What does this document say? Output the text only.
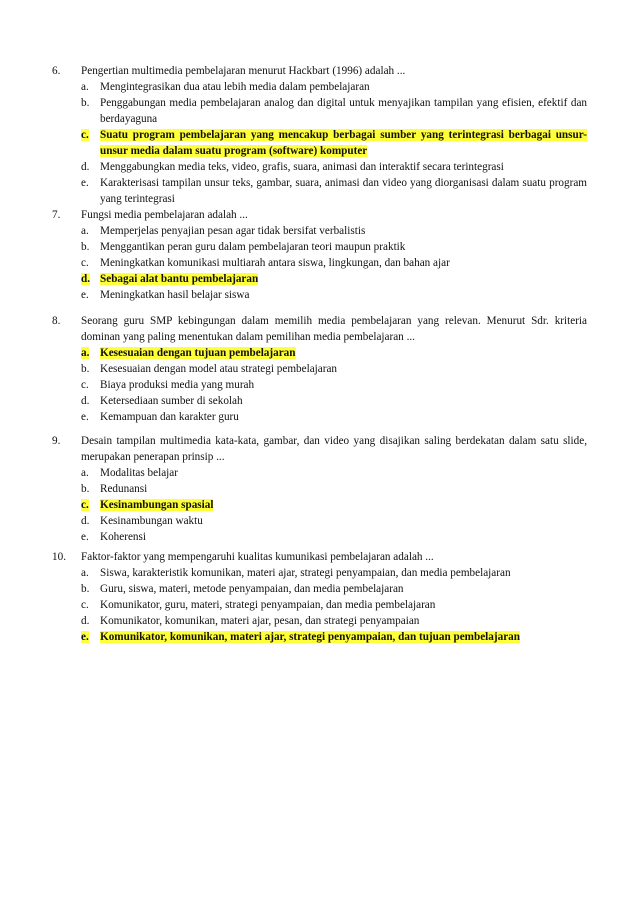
6.	Pengertian multimedia pembelajaran menurut Hackbart (1996) adalah ...
a.	Mengintegrasikan dua atau lebih media dalam pembelajaran
b. Penggabungan media pembelajaran analog dan digital untuk menyajikan tampilan yang efisien, efektif dan berdayaguna
c.	Suatu program pembelajaran yang mencakup berbagai sumber yang terintegrasi berbagai unsur-unsur media dalam suatu program (software) komputer
d. Menggabungkan media teks, video, grafis, suara, animasi dan interaktif secara terintegrasi
e.	Karakterisasi tampilan unsur teks, gambar, suara, animasi dan video yang diorganisasi dalam suatu program yang terintegrasi
7.	Fungsi media pembelajaran adalah ...
a.	Memperjelas penyajian pesan agar tidak bersifat verbalistis
b. Menggantikan peran guru dalam pembelajaran teori maupun praktik
c.	Meningkatkan komunikasi multiarah antara siswa, lingkungan, dan bahan ajar
d. Sebagai alat bantu pembelajaran
e.	Meningkatkan hasil belajar siswa
8.	Seorang guru SMP kebingungan dalam memilih media pembelajaran yang relevan. Menurut Sdr. kriteria dominan yang paling menentukan dalam pemilihan media pembelajaran ...
a. Kesesuaian dengan tujuan pembelajaran
b. Kesesuaian dengan model atau strategi pembelajaran
c.	Biaya produksi media yang murah
d. Ketersediaan sumber di sekolah
e.	Kemampuan dan karakter guru
9.	Desain tampilan multimedia kata-kata, gambar, dan video yang disajikan saling berdekatan dalam satu slide, merupakan penerapan prinsip ...
a.	Modalitas belajar
b. Redunansi
c.	Kesinambungan spasial
d. Kesinambungan waktu
e.	Koherensi
10.	Faktor-faktor yang mempengaruhi kualitas kumunikasi pembelajaran adalah ...
a.	Siswa, karakteristik komunikan, materi ajar, strategi penyampaian, dan media pembelajaran
b. Guru, siswa, materi, metode penyampaian, dan media pembelajaran
c.	Komunikator, guru, materi, strategi penyampaian, dan media pembelajaran
d. Komunikator, komunikan, materi ajar, pesan, dan strategi penyampaian
e.	Komunikator, komunikan, materi ajar, strategi penyampaian, dan tujuan pembelajaran
